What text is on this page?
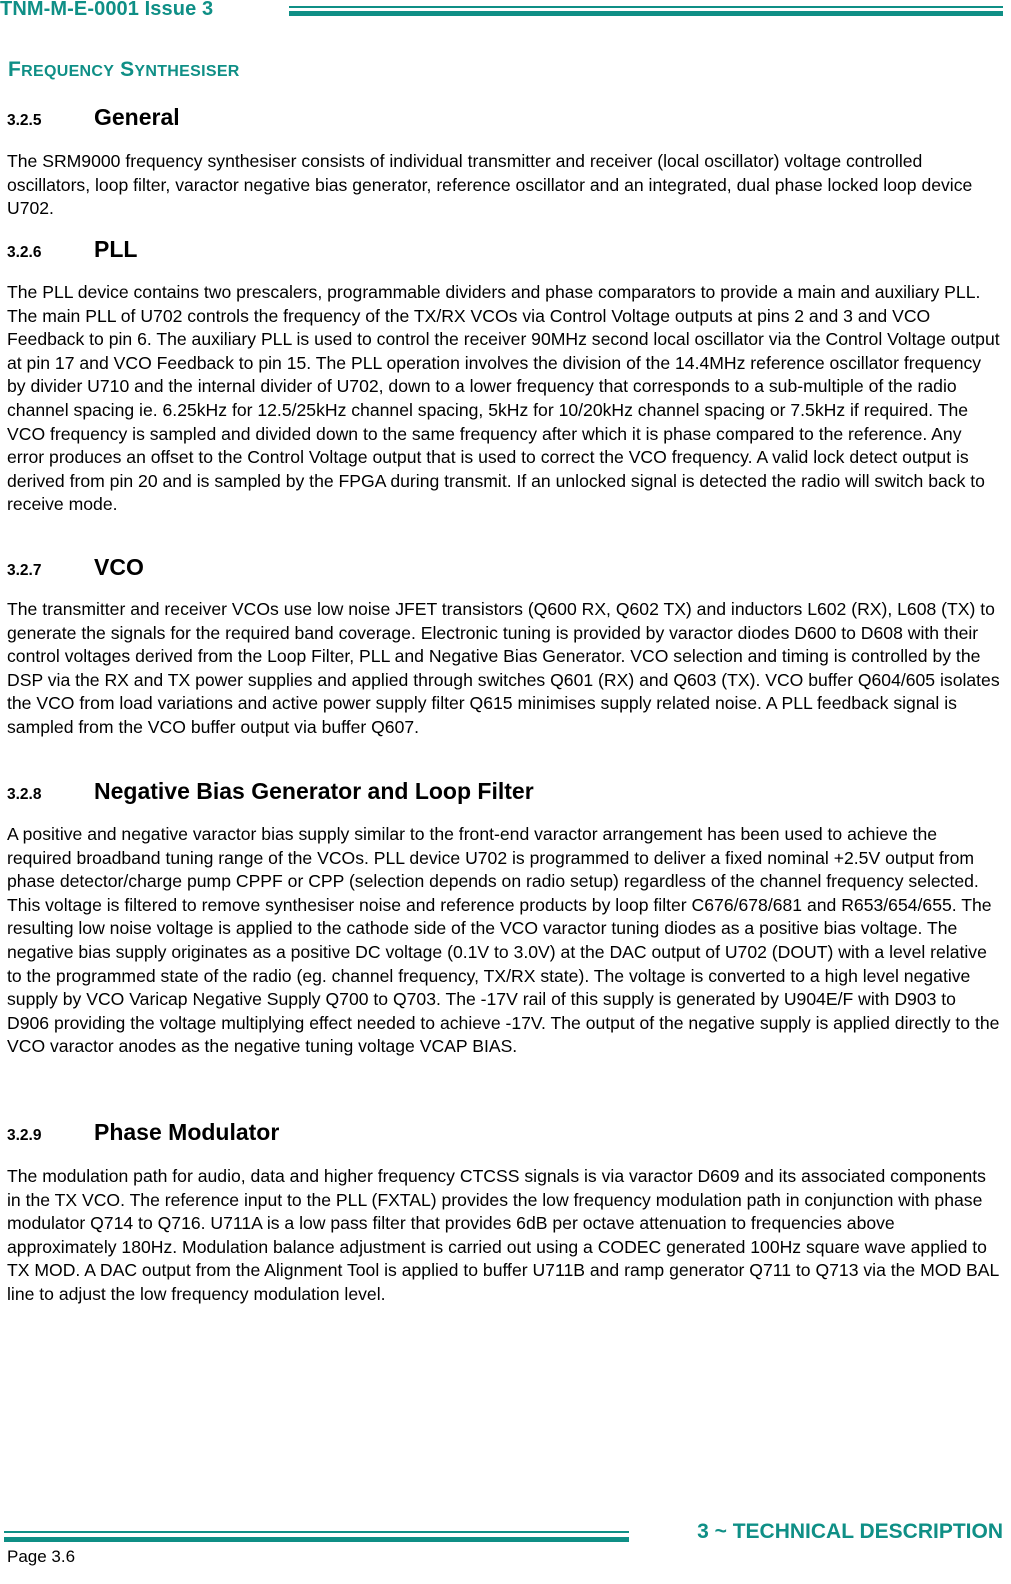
TNM-M-E-0001 Issue 3
FREQUENCY SYNTHESISER
3.2.5 General

The SRM9000 frequency synthesiser consists of individual transmitter and receiver (local oscillator) voltage controlled oscillators, loop filter, varactor negative bias generator, reference oscillator and an integrated, dual phase locked loop device U702.

3.2.6 PLL

The PLL device contains two prescalers, programmable dividers and phase comparators to provide a main and auxiliary PLL. The main PLL of U702 controls the frequency of the TX/RX VCOs via Control Voltage outputs at pins 2 and 3 and VCO Feedback to pin 6. The auxiliary PLL is used to control the receiver 90MHz second local oscillator via the Control Voltage output at pin 17 and VCO Feedback to pin 15. The PLL operation involves the division of the 14.4MHz reference oscillator frequency by divider U710 and the internal divider of U702, down to a lower frequency that corresponds to a sub-multiple of the radio channel spacing ie. 6.25kHz for 12.5/25kHz channel spacing, 5kHz for 10/20kHz channel spacing or 7.5kHz if required. The VCO frequency is sampled and divided down to the same frequency after which it is phase compared to the reference. Any error produces an offset to the Control Voltage output that is used to correct the VCO frequency. A valid lock detect output is derived from pin 20 and is sampled by the FPGA during transmit. If an unlocked signal is detected the radio will switch back to receive mode.

3.2.7 VCO

The transmitter and receiver VCOs use low noise JFET transistors (Q600 RX, Q602 TX) and inductors L602 (RX), L608 (TX) to generate the signals for the required band coverage. Electronic tuning is provided by varactor diodes D600 to D608 with their control voltages derived from the Loop Filter, PLL and Negative Bias Generator. VCO selection and timing is controlled by the DSP via the RX and TX power supplies and applied through switches Q601 (RX) and Q603 (TX). VCO buffer Q604/605 isolates the VCO from load variations and active power supply filter Q615 minimises supply related noise. A PLL feedback signal is sampled from the VCO buffer output via buffer Q607.

3.2.8 Negative Bias Generator and Loop Filter

A positive and negative varactor bias supply similar to the front-end varactor arrangement has been used to achieve the required broadband tuning range of the VCOs. PLL device U702 is programmed to deliver a fixed nominal +2.5V output from phase detector/charge pump CPPF or CPP (selection depends on radio setup) regardless of the channel frequency selected. This voltage is filtered to remove synthesiser noise and reference products by loop filter C676/678/681 and R653/654/655. The resulting low noise voltage is applied to the cathode side of the VCO varactor tuning diodes as a positive bias voltage. The negative bias supply originates as a positive DC voltage (0.1V to 3.0V) at the DAC output of U702 (DOUT) with a level relative to the programmed state of the radio (eg. channel frequency, TX/RX state). The voltage is converted to a high level negative supply by VCO Varicap Negative Supply Q700 to Q703. The -17V rail of this supply is generated by U904E/F with D903 to D906 providing the voltage multiplying effect needed to achieve -17V. The output of the negative supply is applied directly to the VCO varactor anodes as the negative tuning voltage VCAP BIAS.

3.2.9 Phase Modulator

The modulation path for audio, data and higher frequency CTCSS signals is via varactor D609 and its associated components in the TX VCO. The reference input to the PLL (FXTAL) provides the low frequency modulation path in conjunction with phase modulator Q714 to Q716. U711A is a low pass filter that provides 6dB per octave attenuation to frequencies above approximately 180Hz. Modulation balance adjustment is carried out using a CODEC generated 100Hz square wave applied to TX MOD. A DAC output from the Alignment Tool is applied to buffer U711B and ramp generator Q711 to Q713 via the MOD BAL line to adjust the low frequency modulation level.

3 ~ TECHNICAL DESCRIPTION
Page 3.6
